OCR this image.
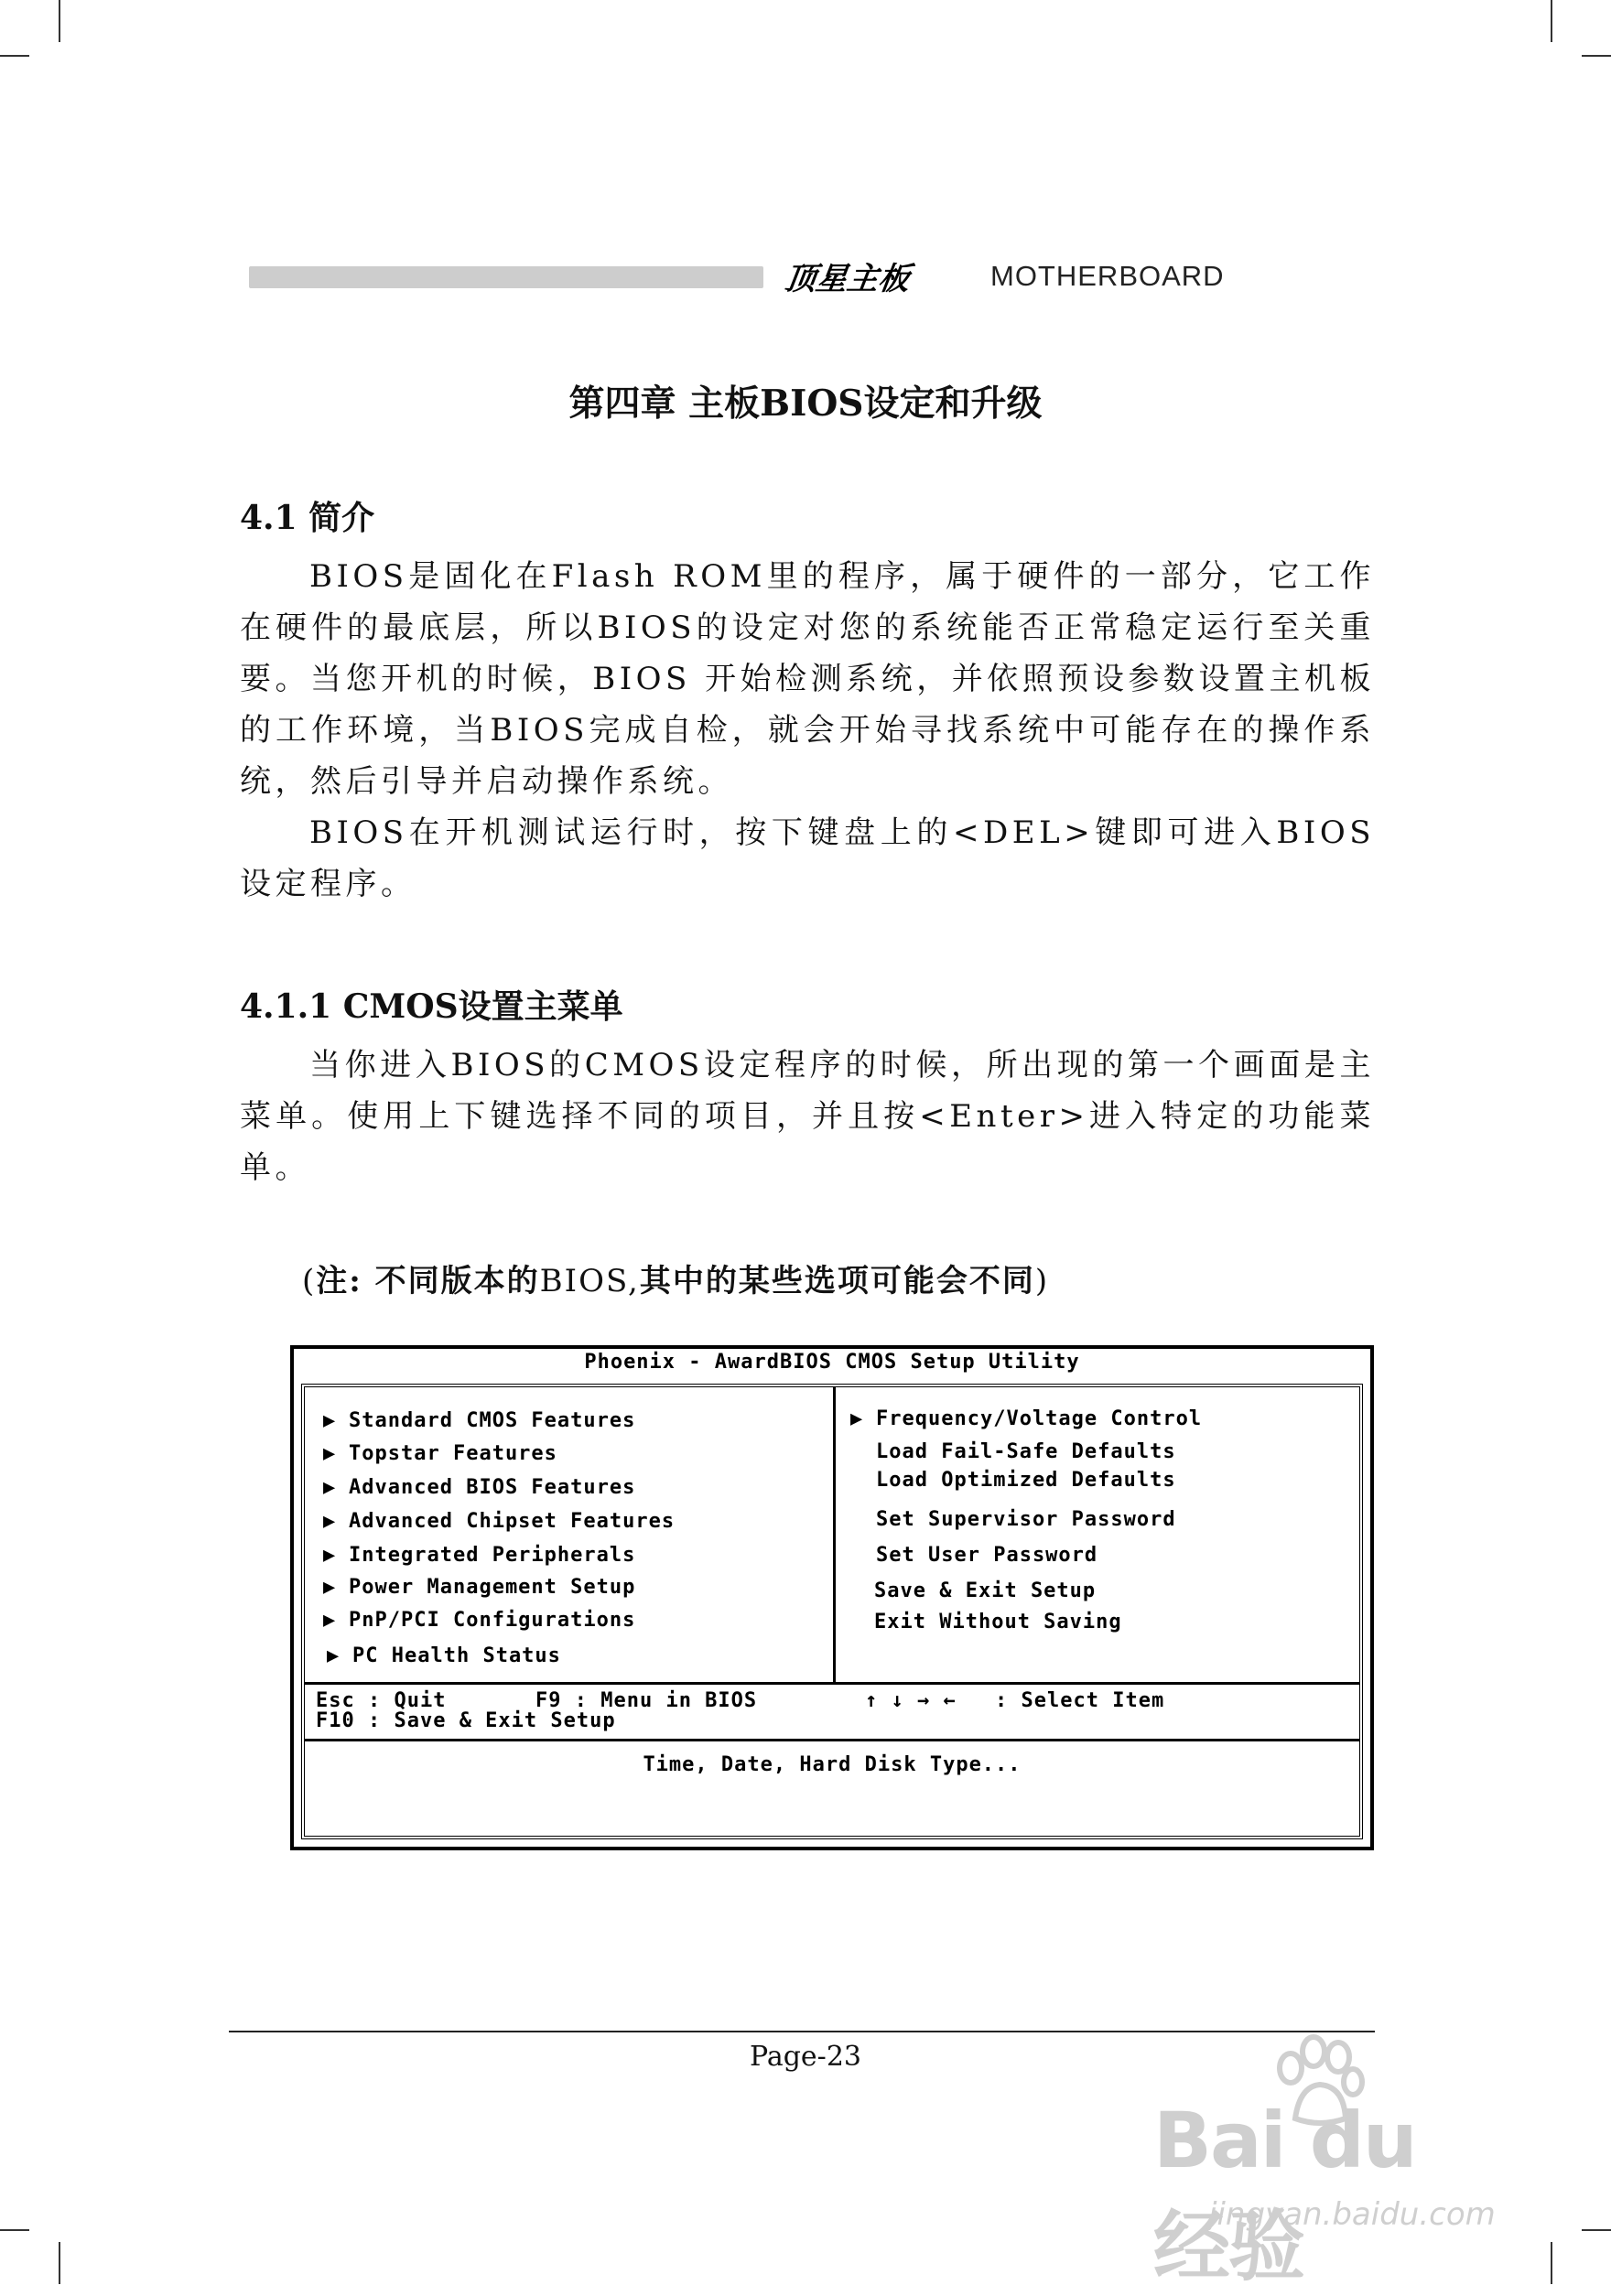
顶星主板	MOTHERBOARD
第四章 主板BIOS设定和升级
4.1 简介
BIOS是固化在Flash ROM里的程序，属于硬件的一部分，它工作在硬件的最底层，所以BIOS的设定对您的系统能否正常稳定运行至关重要。当您开机的时候，BIOS 开始检测系统，并依照预设参数设置主机板的工作环境，当BIOS完成自检，就会开始寻找系统中可能存在的操作系统，然后引导并启动操作系统。
BIOS在开机测试运行时，按下键盘上的<DEL>键即可进入BIOS设定程序。
4.1.1 CMOS设置主菜单
当你进入BIOS的CMOS设定程序的时候，所出现的第一个画面是主菜单。使用上下键选择不同的项目，并且按<Enter>进入特定的功能菜单。
(注: 不同版本的BIOS,其中的某些选项可能会不同)
Phoenix - AwardBIOS CMOS Setup Utility
▶ Standard CMOS Features
▶ Topstar Features
▶ Advanced BIOS Features
▶ Advanced Chipset Features
▶ Integrated Peripherals
▶ Power Management Setup
▶ PnP/PCI Configurations
▶ PC Health Status
▶ Frequency/Voltage Control
Load Fail-Safe Defaults
Load Optimized Defaults
Set Supervisor Password
Set User Password
Save & Exit Setup
Exit Without Saving
Esc : Quit	F9 : Menu in BIOS	↑ ↓ → ← : Select Item
F10 : Save & Exit Setup
Time, Date, Hard Disk Type...
Page-23
Bai du 经验
jingyan.baidu.com
